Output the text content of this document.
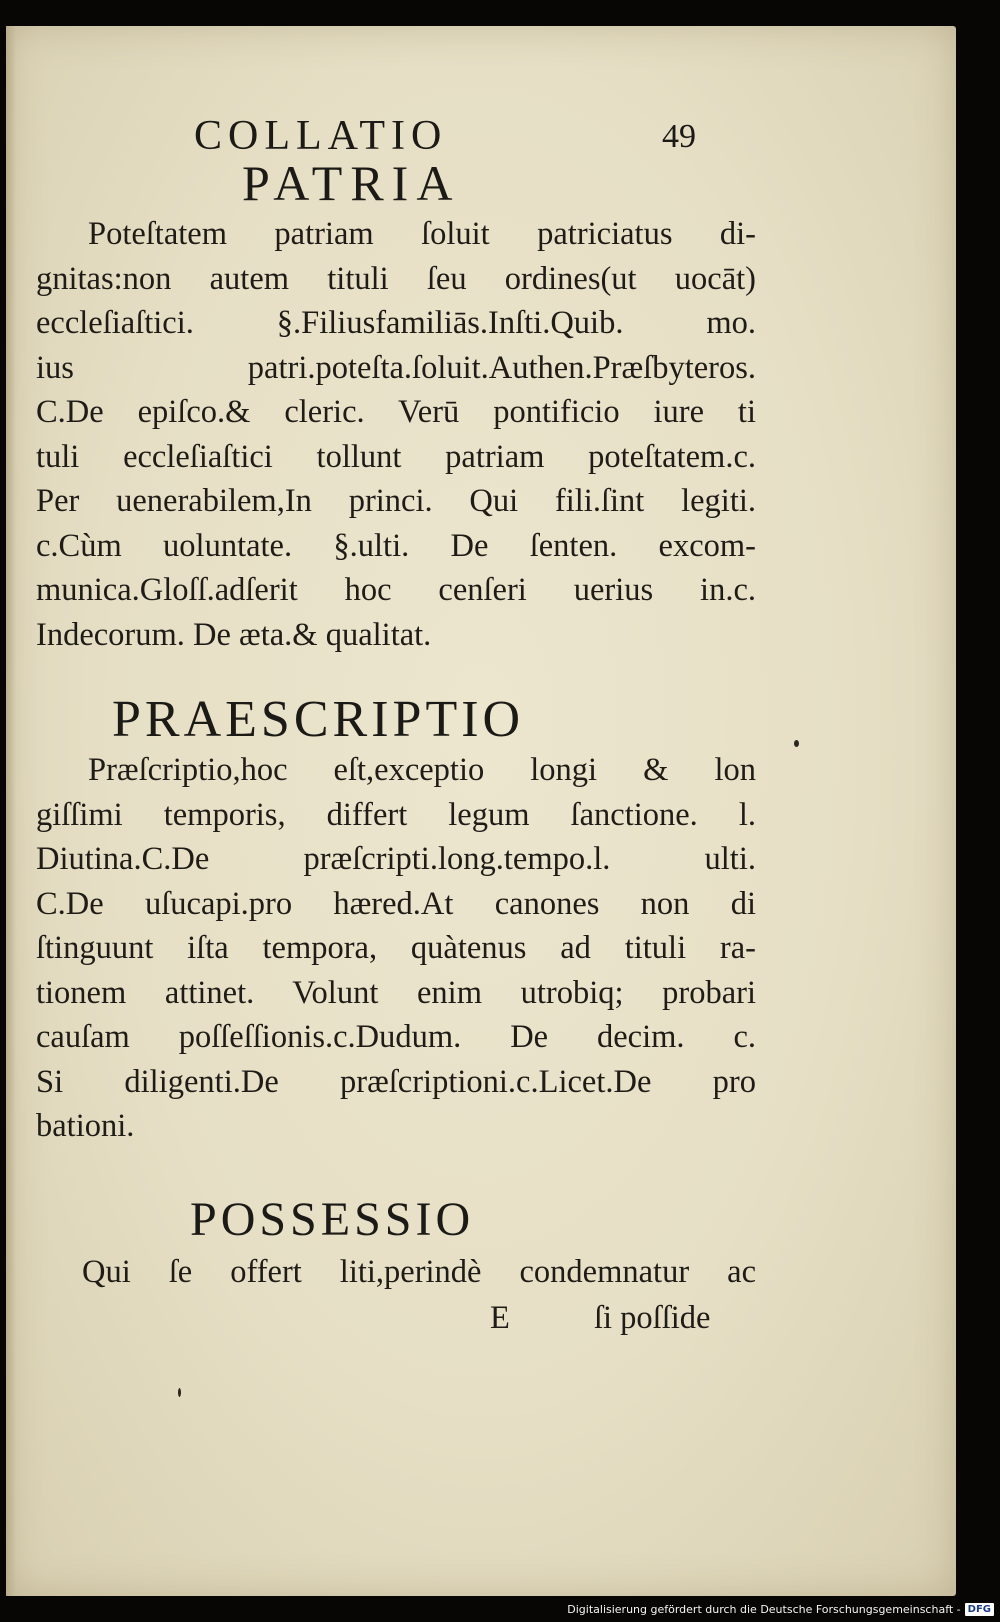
COLLATIO	49
PATRIA
Poteſtatem patriam ſoluit patriciatus di-
gnitas:non autem tituli ſeu ordines(ut uocāt)
eccleſiaſtici. §.Filiusfamiliās.Inſti.Quib. mo.
ius patri.poteſta.ſoluit.Authen.Præſbyteros.
C.De epiſco.& cleric. Verū pontificio iure ti
tuli eccleſiaſtici tollunt patriam poteſtatem.c.
Per uenerabilem,In princi. Qui fili.ſint legiti.
c.Cùm uoluntate. §.ulti. De ſenten. excom-
munica.Gloſſ.adſerit hoc cenſeri uerius in.c.
Indecorum. De æta.& qualitat.
PRAESCRIPTIO
Præſcriptio,hoc eſt,exceptio longi & lon
giſſimi temporis, differt legum ſanctione. l.
Diutina.C.De præſcripti.long.tempo.l. ulti.
C.De uſucapi.pro hæred.At canones non di
ſtinguunt iſta tempora, quàtenus ad tituli ra-
tionem attinet. Volunt enim utrobiq; probari
cauſam poſſeſſionis.c.Dudum. De decim. c.
Si diligenti.De præſcriptioni.c.Licet.De pro
bationi.
POSSESSIO
Qui ſe offert liti,perindè condemnatur ac
E	ſi poſſide
Digitalisierung gefördert durch die Deutsche Forschungsgemeinschaft - DFG
